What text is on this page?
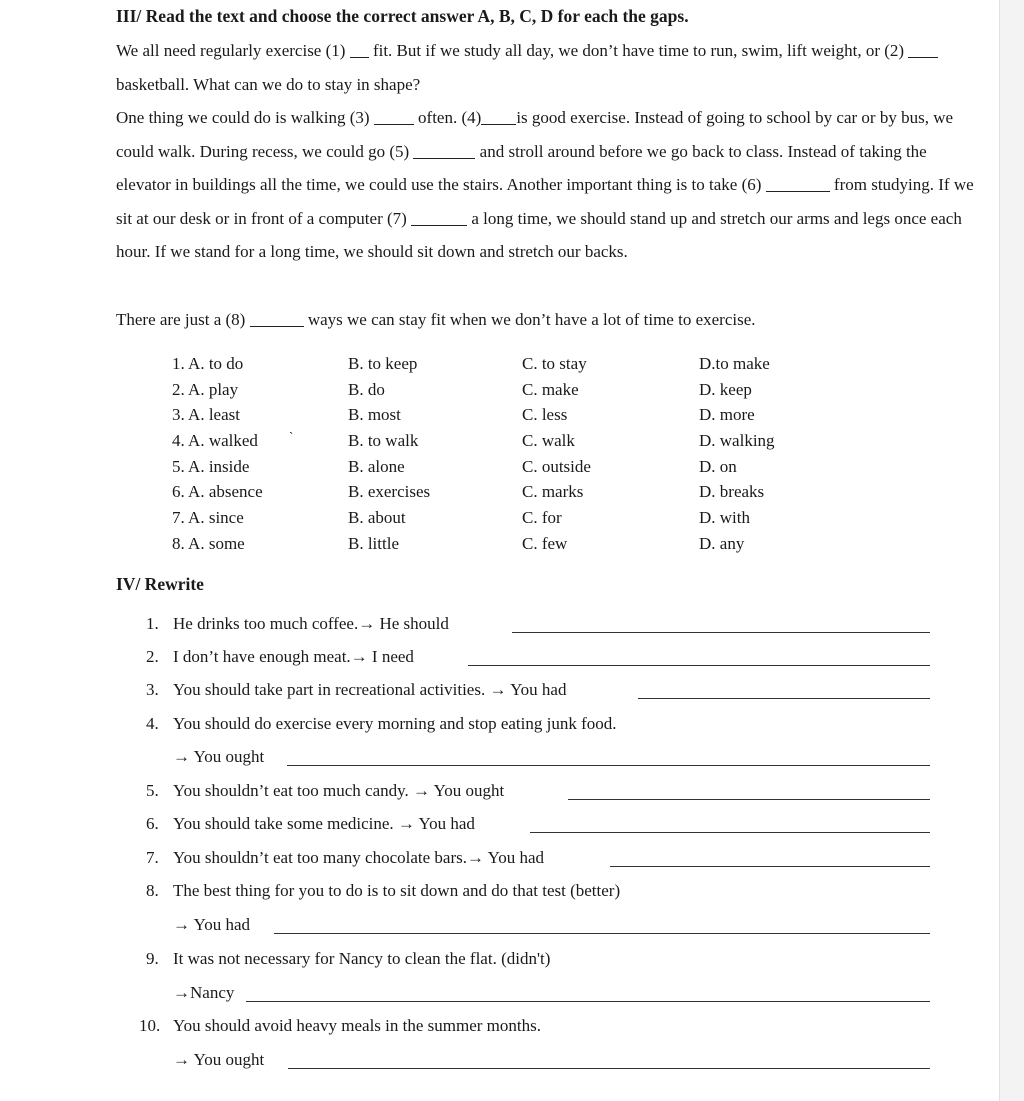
III/ Read the text and choose the correct answer A, B, C, D for each the gaps.
We all need regularly exercise (1)  fit. But if we study all day, we don’t have time to run, swim, lift weight, or (2)  basketball. What can we do to stay in shape?
One thing we could do is walking (3)	often. (4) is good exercise. Instead of going to school by car or by bus, we could walk. During recess, we could go (5)	and stroll around before we go back to class. Instead of taking the elevator in buildings all the time, we could use the stairs. Another important thing is to take (6)	from studying. If we sit at our desk or in front of a computer (7)	a long time, we should stand up and stretch our arms and legs once each hour. If we stand for a long time, we should sit down and stretch our backs.
There are just a (8)	ways we can stay fit when we don’t have a lot of time to exercise.
1. A. to do	B. to keep	C. to stay	D.to make
2. A. play	B. do	C. make	D. keep
3. A. least	B. most	C. less	D. more
4. A. walked `	B. to walk	C. walk	D. walking
5. A. inside	B. alone	C. outside	D. on
6. A. absence	B. exercises	C. marks	D. breaks
7. A. since	B. about	C. for	D. with
8. A. some	B. little	C. few	D. any
IV/ Rewrite
1. He drinks too much coffee.→ He should
2. I don’t have enough meat.→ I need
3. You should take part in recreational activities. → You had
4. You should do exercise every morning and stop eating junk food.
→ You ought
5. You shouldn’t eat too much candy. → You ought
6. You should take some medicine. → You had
7. You shouldn’t eat too many chocolate bars.→ You had
8. The best thing for you to do is to sit down and do that test (better)
→ You had
9. It was not necessary for Nancy to clean the flat. (didn't)
→Nancy
10. You should avoid heavy meals in the summer months.
→ You ought
